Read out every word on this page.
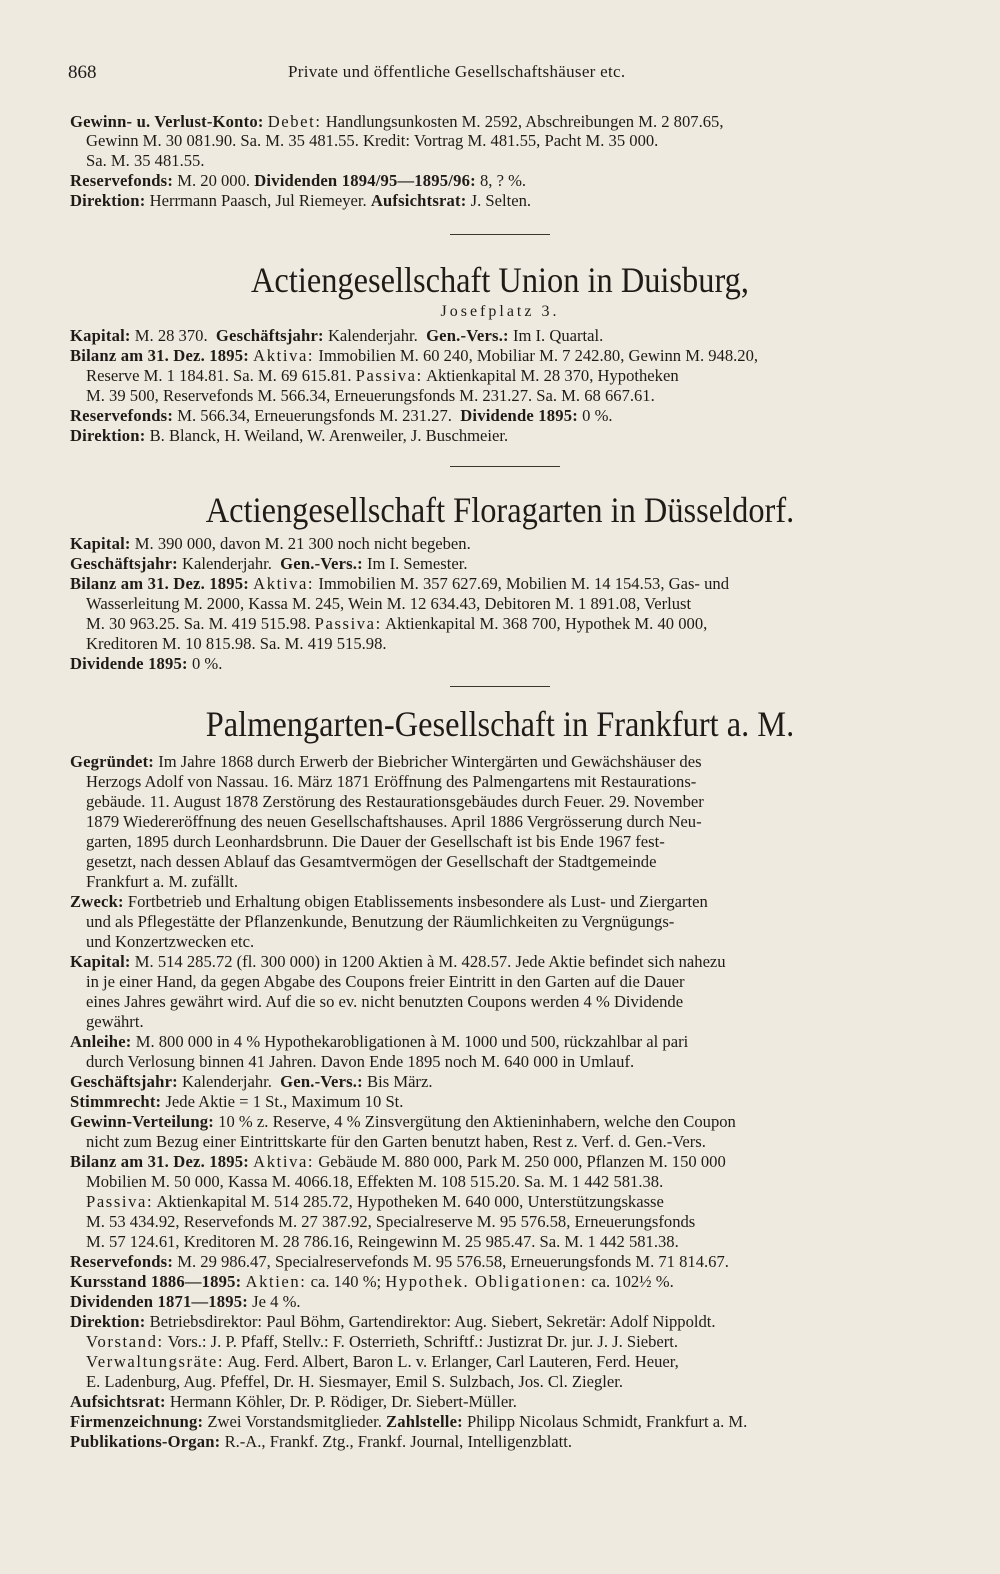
868	Private und öffentliche Gesellschaftshäuser etc.
Gewinn- u. Verlust-Konto: Debet: Handlungsunkosten M. 2592, Abschreibungen M. 2 807.65,
Gewinn M. 30 081.90. Sa. M. 35 481.55. Kredit: Vortrag M. 481.55, Pacht M. 35 000.
Sa. M. 35 481.55.
Reservefonds: M. 20 000. Dividenden 1894/95—1895/96: 8, ? %.
Direktion: Herrmann Paasch, Jul Riemeyer. Aufsichtsrat: J. Selten.
Actiengesellschaft Union in Duisburg,
Josefplatz 3.
Kapital: M. 28 370. Geschäftsjahr: Kalenderjahr. Gen.-Vers.: Im I. Quartal.
Bilanz am 31. Dez. 1895: Aktiva: Immobilien M. 60 240, Mobiliar M. 7 242.80, Gewinn M. 948.20,
Reserve M. 1 184.81. Sa. M. 69 615.81. Passiva: Aktienkapital M. 28 370, Hypotheken
M. 39 500, Reservefonds M. 566.34, Erneuerungsfonds M. 231.27. Sa. M. 68 667.61.
Reservefonds: M. 566.34, Erneuerungsfonds M. 231.27. Dividende 1895: 0 %.
Direktion: B. Blanck, H. Weiland, W. Arenweiler, J. Buschmeier.
Actiengesellschaft Floragarten in Düsseldorf.
Kapital: M. 390 000, davon M. 21 300 noch nicht begeben.
Geschäftsjahr: Kalenderjahr. Gen.-Vers.: Im I. Semester.
Bilanz am 31. Dez. 1895: Aktiva: Immobilien M. 357 627.69, Mobilien M. 14 154.53, Gas- und
Wasserleitung M. 2000, Kassa M. 245, Wein M. 12 634.43, Debitoren M. 1 891.08, Verlust
M. 30 963.25. Sa. M. 419 515.98. Passiva: Aktienkapital M. 368 700, Hypothek M. 40 000,
Kreditoren M. 10 815.98. Sa. M. 419 515.98.
Dividende 1895: 0 %.
Palmengarten-Gesellschaft in Frankfurt a. M.
Gegründet: Im Jahre 1868 durch Erwerb der Biebricher Wintergärten und Gewächshäuser des
Herzogs Adolf von Nassau. 16. März 1871 Eröffnung des Palmengartens mit Restaurations-
gebäude. 11. August 1878 Zerstörung des Restaurationsgebäudes durch Feuer. 29. November
1879 Wiedereröffnung des neuen Gesellschaftshauses. April 1886 Vergrösserung durch Neu-
garten, 1895 durch Leonhardsbrunn. Die Dauer der Gesellschaft ist bis Ende 1967 fest-
gesetzt, nach dessen Ablauf das Gesamtvermögen der Gesellschaft der Stadtgemeinde
Frankfurt a. M. zufällt.
Zweck: Fortbetrieb und Erhaltung obigen Etablissements insbesondere als Lust- und Ziergarten
und als Pflegestätte der Pflanzenkunde, Benutzung der Räumlichkeiten zu Vergnügungs-
und Konzertzwecken etc.
Kapital: M. 514 285.72 (fl. 300 000) in 1200 Aktien à M. 428.57. Jede Aktie befindet sich nahezu
in je einer Hand, da gegen Abgabe des Coupons freier Eintritt in den Garten auf die Dauer
eines Jahres gewährt wird. Auf die so ev. nicht benutzten Coupons werden 4 % Dividende
gewährt.
Anleihe: M. 800 000 in 4 % Hypothekarobligationen à M. 1000 und 500, rückzahlbar al pari
durch Verlosung binnen 41 Jahren. Davon Ende 1895 noch M. 640 000 in Umlauf.
Geschäftsjahr: Kalenderjahr. Gen.-Vers.: Bis März.
Stimmrecht: Jede Aktie = 1 St., Maximum 10 St.
Gewinn-Verteilung: 10 % z. Reserve, 4 % Zinsvergütung den Aktieninhabern, welche den Coupon
nicht zum Bezug einer Eintrittskarte für den Garten benutzt haben, Rest z. Verf. d. Gen.-Vers.
Bilanz am 31. Dez. 1895: Aktiva: Gebäude M. 880 000, Park M. 250 000, Pflanzen M. 150 000
Mobilien M. 50 000, Kassa M. 4066.18, Effekten M. 108 515.20. Sa. M. 1 442 581.38.
Passiva: Aktienkapital M. 514 285.72, Hypotheken M. 640 000, Unterstützungskasse
M. 53 434.92, Reservefonds M. 27 387.92, Specialreserve M. 95 576.58, Erneuerungsfonds
M. 57 124.61, Kreditoren M. 28 786.16, Reingewinn M. 25 985.47. Sa. M. 1 442 581.38.
Reservefonds: M. 29 986.47, Specialreservefonds M. 95 576.58, Erneuerungsfonds M. 71 814.67.
Kursstand 1886—1895: Aktien: ca. 140 %; Hypothek. Obligationen: ca. 102½ %.
Dividenden 1871—1895: Je 4 %.
Direktion: Betriebsdirektor: Paul Böhm, Gartendirektor: Aug. Siebert, Sekretär: Adolf Nippoldt.
Vorstand: Vors.: J. P. Pfaff, Stellv.: F. Osterrieth, Schriftf.: Justizrat Dr. jur. J. J. Siebert.
Verwaltungsräte: Aug. Ferd. Albert, Baron L. v. Erlanger, Carl Lauteren, Ferd. Heuer,
E. Ladenburg, Aug. Pfeffel, Dr. H. Siesmayer, Emil S. Sulzbach, Jos. Cl. Ziegler.
Aufsichtsrat: Hermann Köhler, Dr. P. Rödiger, Dr. Siebert-Müller.
Firmenzeichnung: Zwei Vorstandsmitglieder. Zahlstelle: Philipp Nicolaus Schmidt, Frankfurt a. M.
Publikations-Organ: R.-A., Frankf. Ztg., Frankf. Journal, Intelligenzblatt.
